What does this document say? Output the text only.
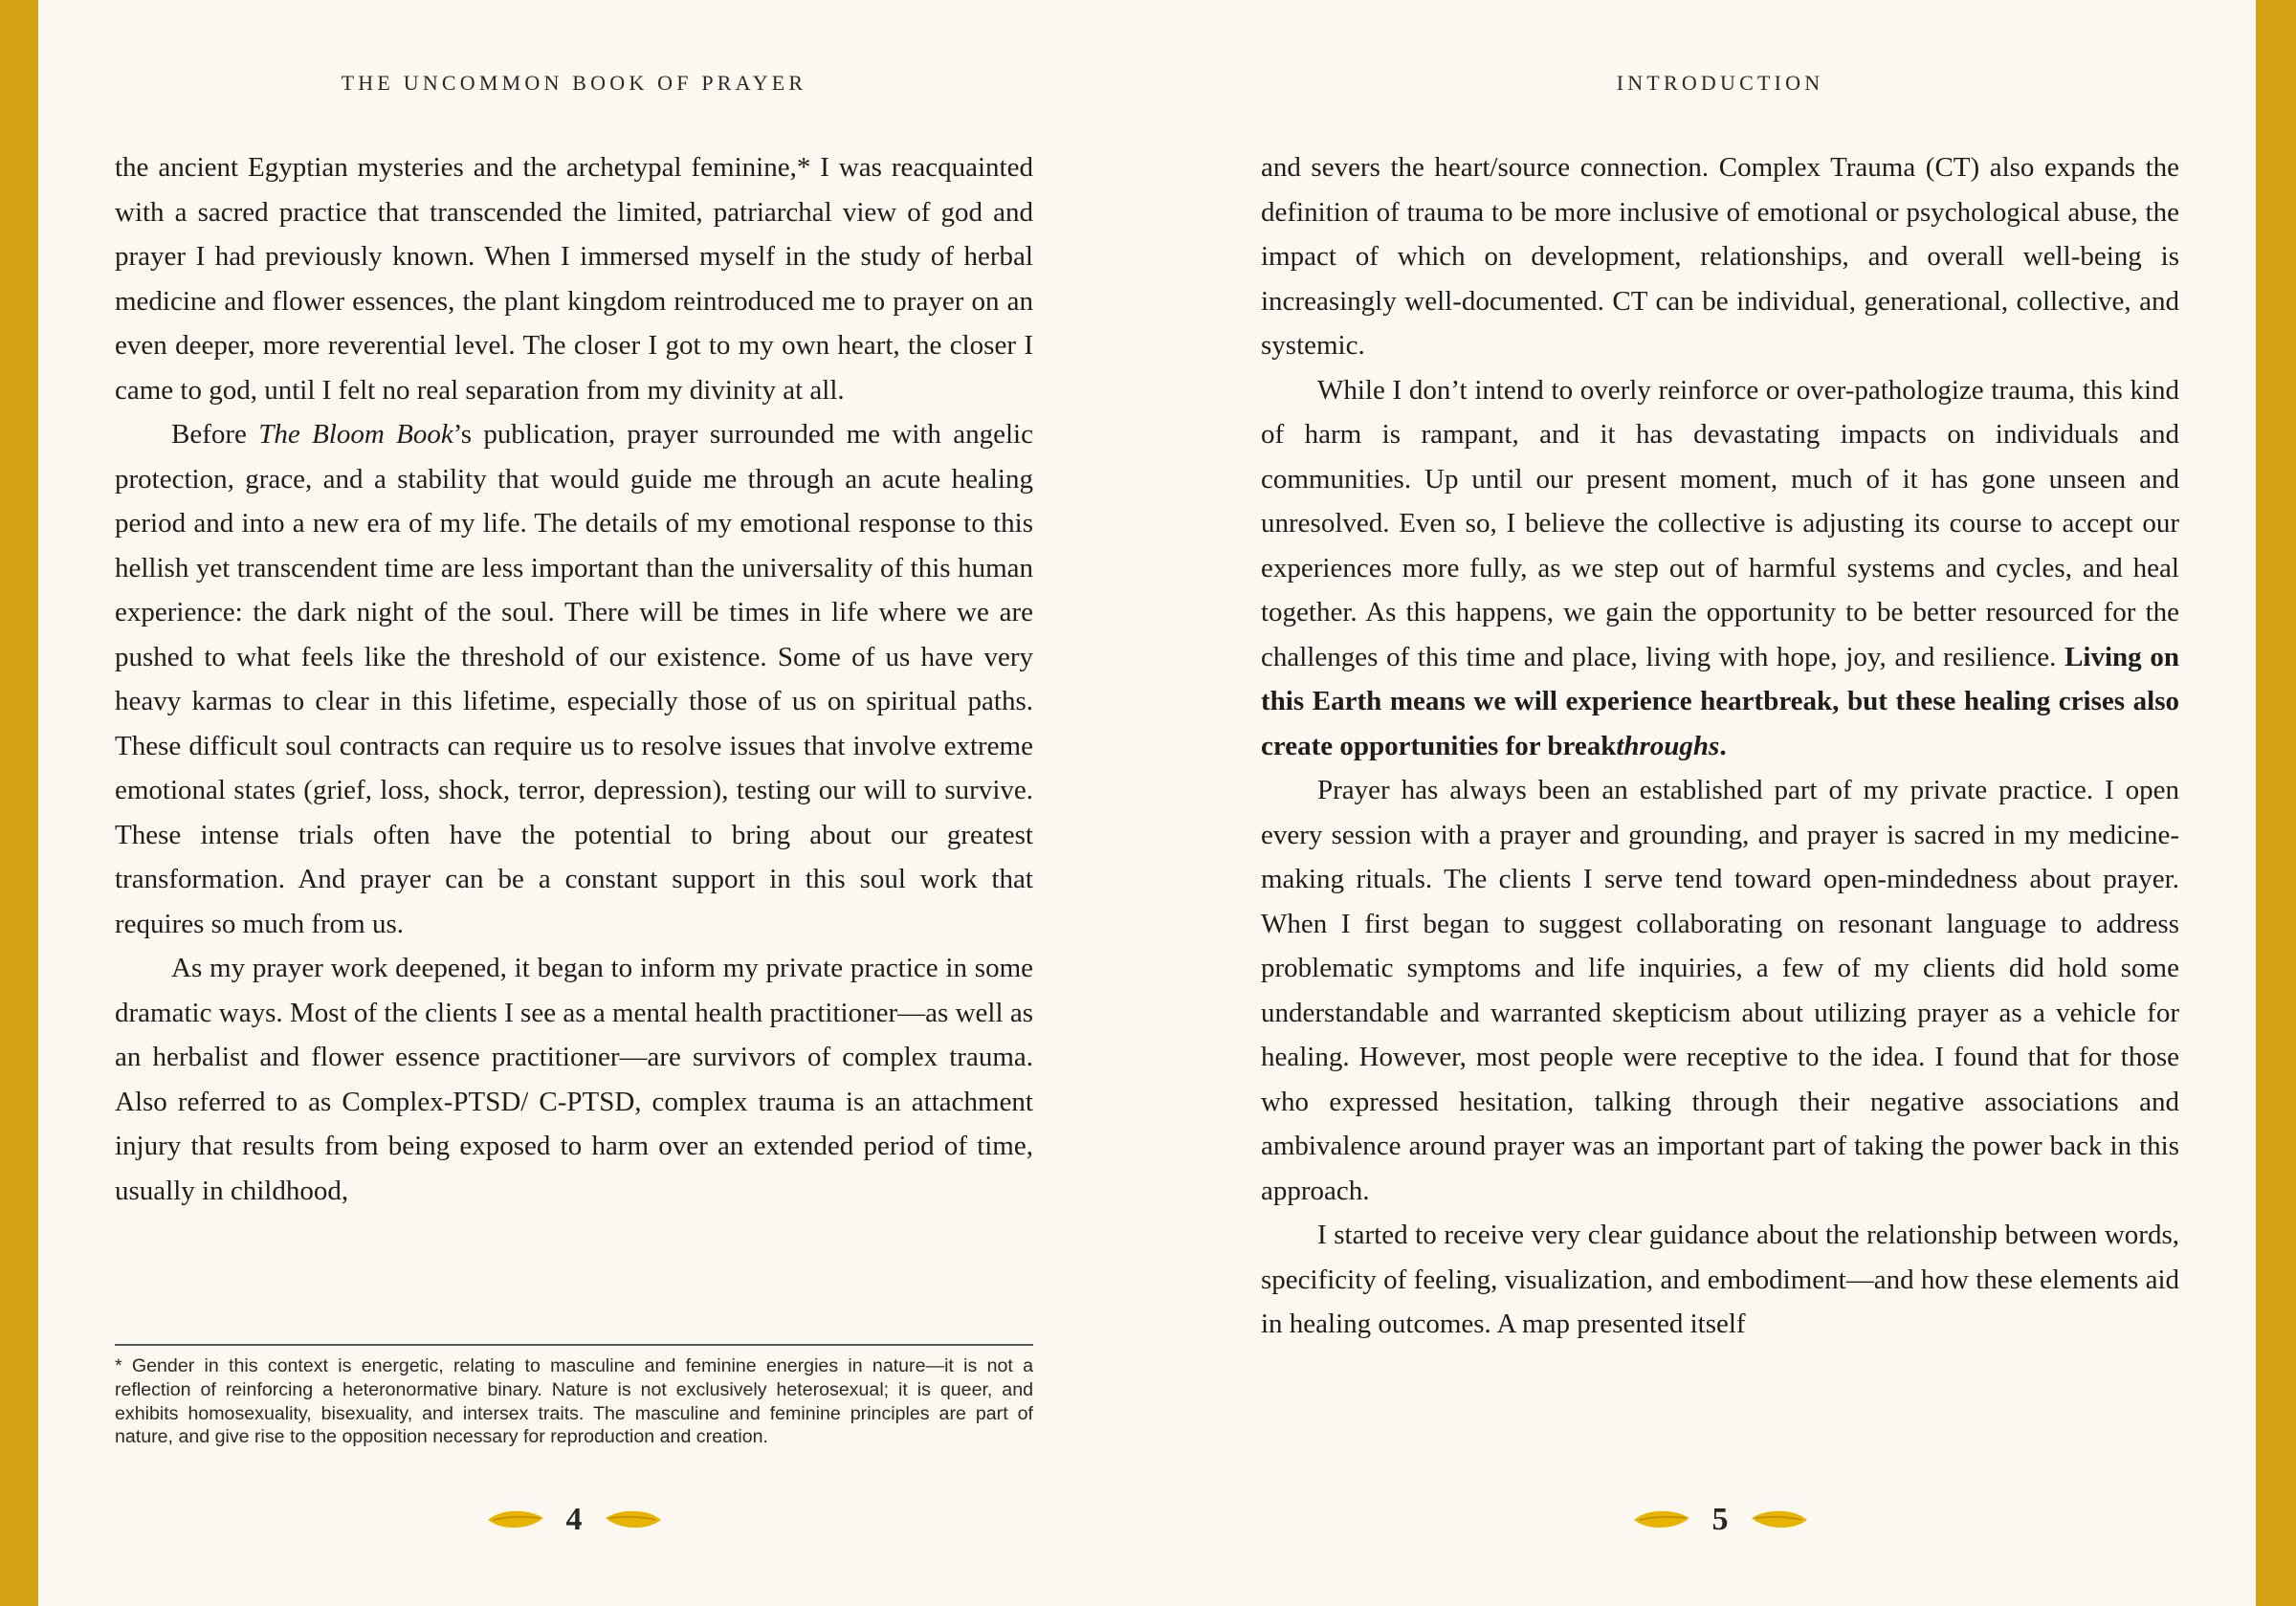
THE UNCOMMON BOOK OF PRAYER

the ancient Egyptian mysteries and the archetypal feminine,* I was reacquainted with a sacred practice that transcended the limited, patriarchal view of god and prayer I had previously known. When I immersed myself in the study of herbal medicine and flower essences, the plant kingdom reintroduced me to prayer on an even deeper, more reverential level. The closer I got to my own heart, the closer I came to god, until I felt no real separation from my divinity at all.

Before The Bloom Book’s publication, prayer surrounded me with angelic protection, grace, and a stability that would guide me through an acute healing period and into a new era of my life. The details of my emotional response to this hellish yet transcendent time are less important than the universality of this human experience: the dark night of the soul. There will be times in life where we are pushed to what feels like the threshold of our existence. Some of us have very heavy karmas to clear in this lifetime, especially those of us on spiritual paths. These difficult soul contracts can require us to resolve issues that involve extreme emotional states (grief, loss, shock, terror, depression), testing our will to survive. These intense trials often have the potential to bring about our greatest transformation. And prayer can be a constant support in this soul work that requires so much from us.

As my prayer work deepened, it began to inform my private practice in some dramatic ways. Most of the clients I see as a mental health practitioner—as well as an herbalist and flower essence practitioner—are survivors of complex trauma. Also referred to as Complex-PTSD/ C-PTSD, complex trauma is an attachment injury that results from being exposed to harm over an extended period of time, usually in childhood,

* Gender in this context is energetic, relating to masculine and feminine energies in nature—it is not a reflection of reinforcing a heteronormative binary. Nature is not exclusively heterosexual; it is queer, and exhibits homosexuality, bisexuality, and intersex traits. The masculine and feminine principles are part of nature, and give rise to the opposition necessary for reproduction and creation.
4
INTRODUCTION

and severs the heart/source connection. Complex Trauma (CT) also expands the definition of trauma to be more inclusive of emotional or psychological abuse, the impact of which on development, relationships, and overall well-being is increasingly well-documented. CT can be individual, generational, collective, and systemic.

While I don’t intend to overly reinforce or over-pathologize trauma, this kind of harm is rampant, and it has devastating impacts on individuals and communities. Up until our present moment, much of it has gone unseen and unresolved. Even so, I believe the collective is adjusting its course to accept our experiences more fully, as we step out of harmful systems and cycles, and heal together. As this happens, we gain the opportunity to be better resourced for the challenges of this time and place, living with hope, joy, and resilience. Living on this Earth means we will experience heartbreak, but these healing crises also create opportunities for breakthroughs.

Prayer has always been an established part of my private practice. I open every session with a prayer and grounding, and prayer is sacred in my medicine-making rituals. The clients I serve tend toward open-mindedness about prayer. When I first began to suggest collaborating on resonant language to address problematic symptoms and life inquiries, a few of my clients did hold some understandable and warranted skepticism about utilizing prayer as a vehicle for healing. However, most people were receptive to the idea. I found that for those who expressed hesitation, talking through their negative associations and ambivalence around prayer was an important part of taking the power back in this approach.

I started to receive very clear guidance about the relationship between words, specificity of feeling, visualization, and embodiment—and how these elements aid in healing outcomes. A map presented itself

5
